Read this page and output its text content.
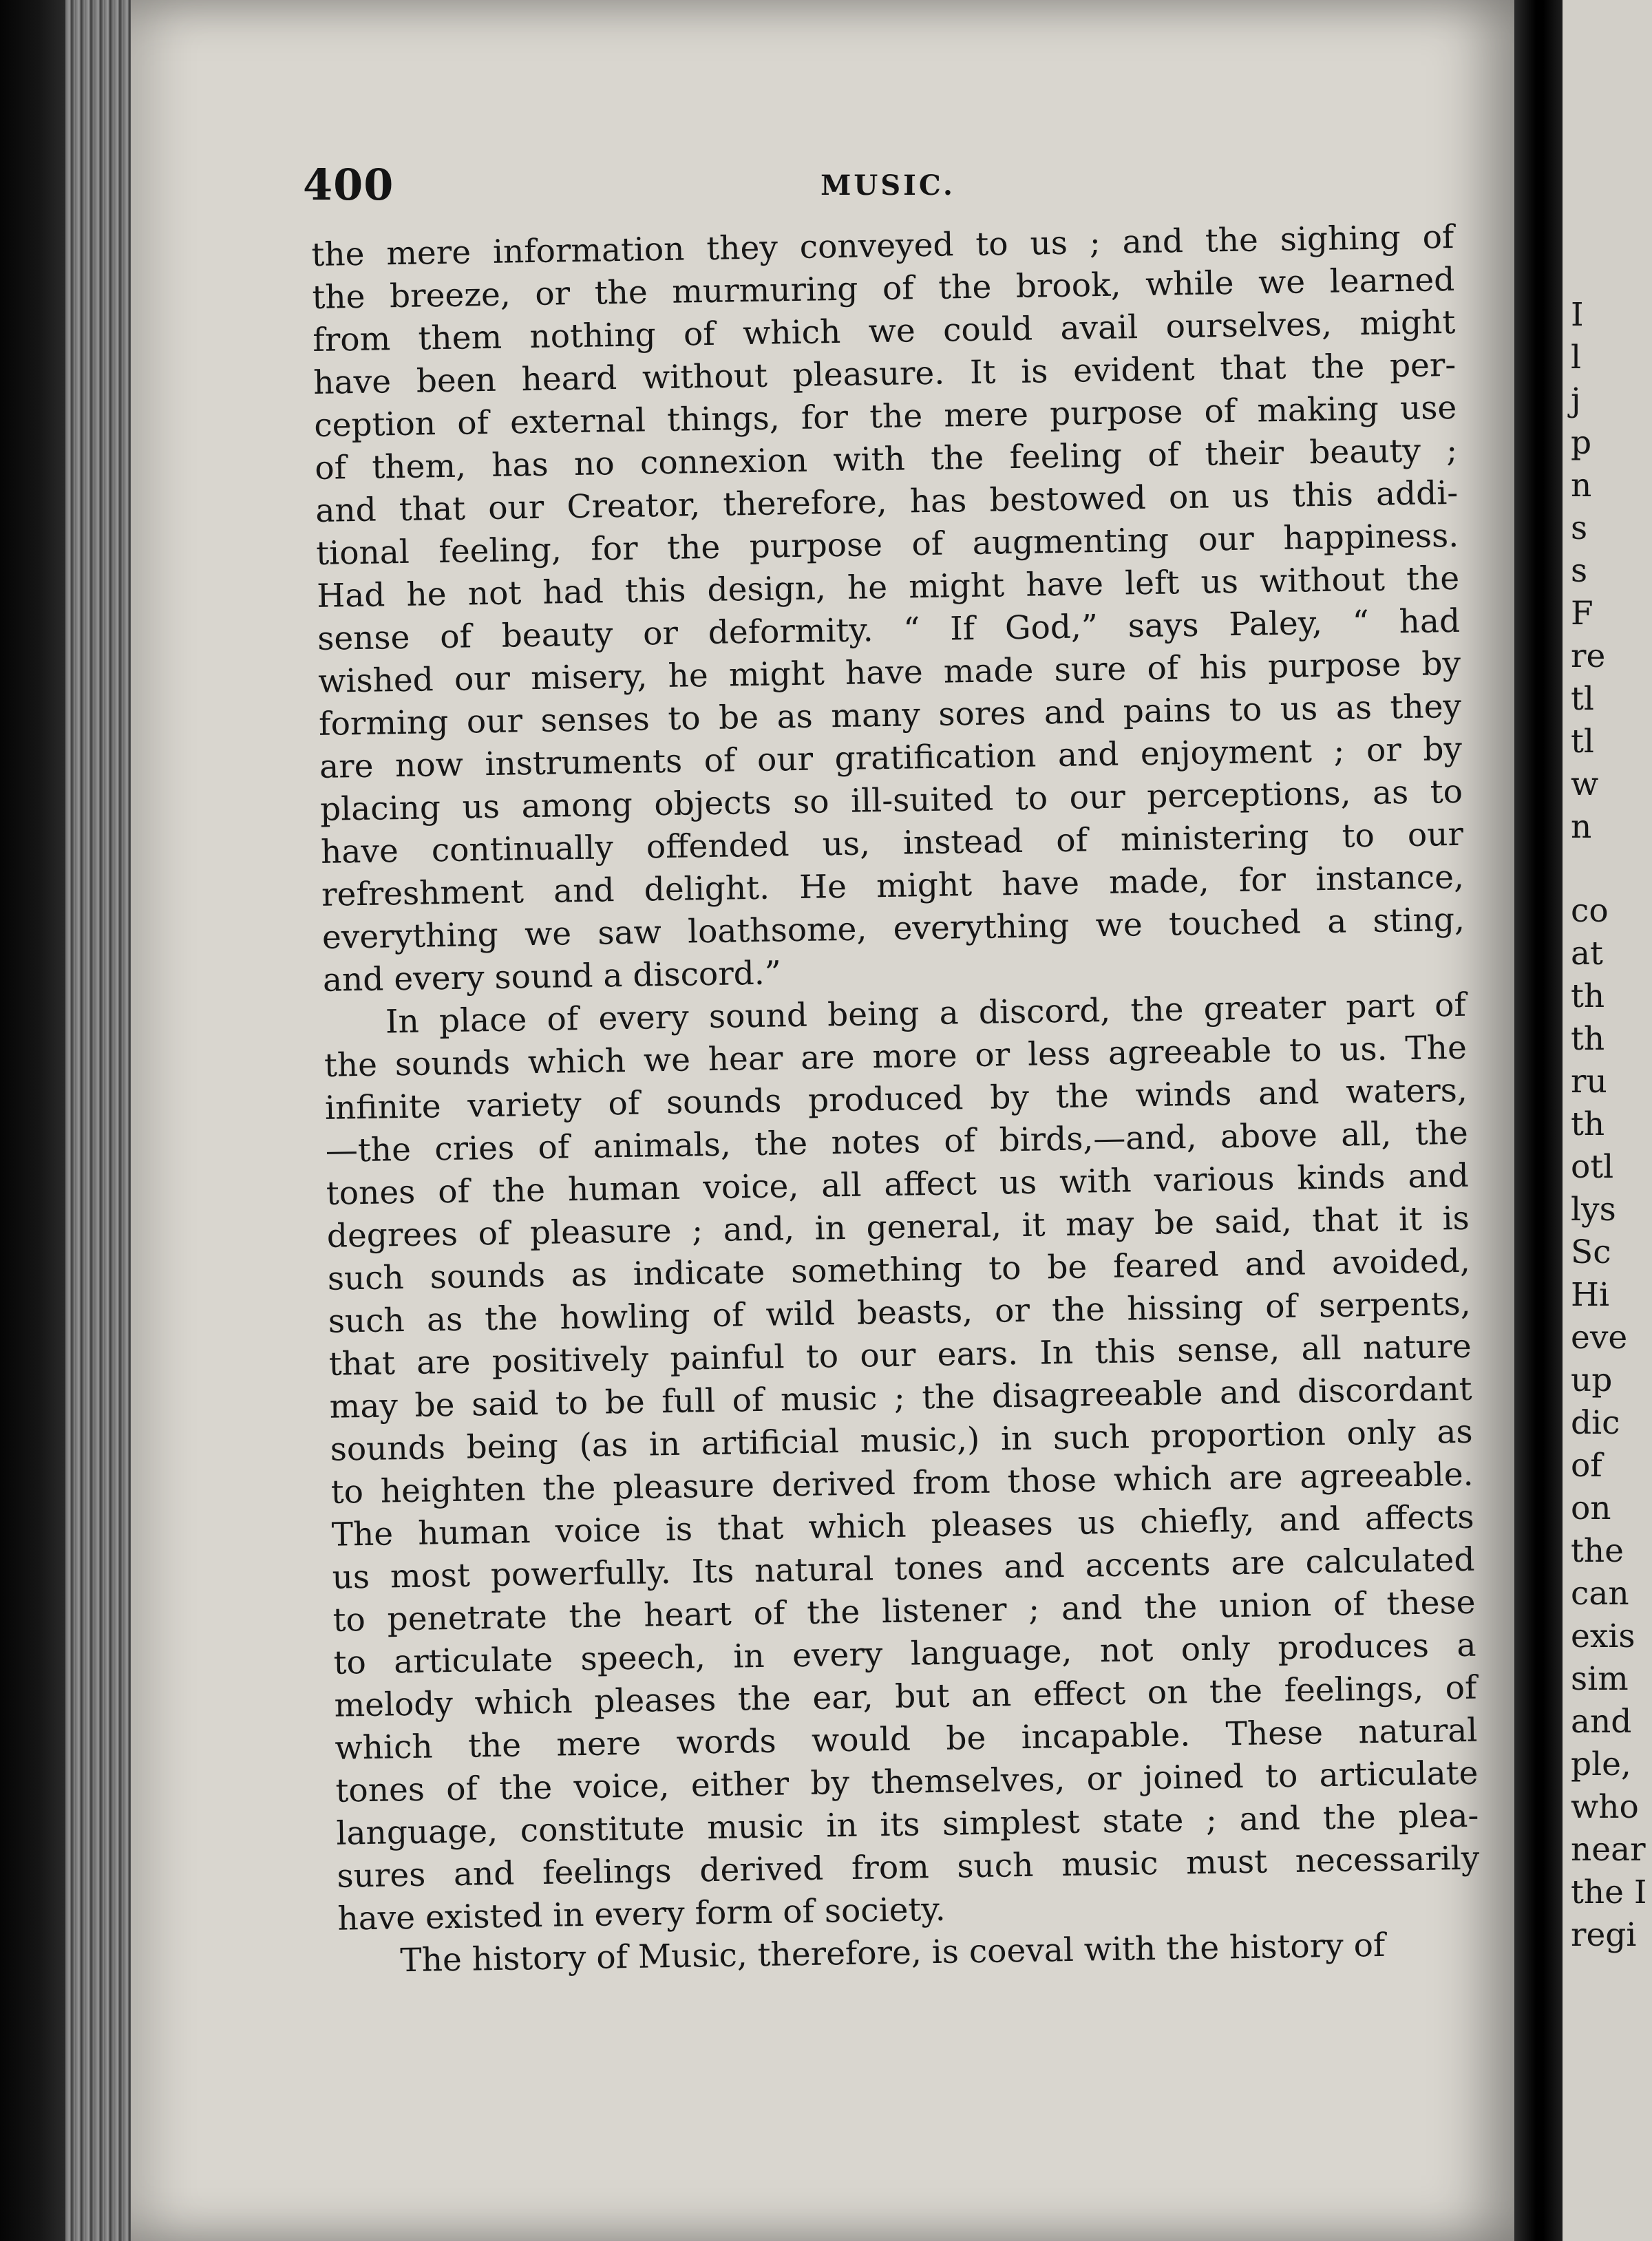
400	MUSIC.
the mere information they conveyed to us ; and the sighing of
the breeze, or the murmuring of the brook, while we learned
from them nothing of which we could avail ourselves, might
have been heard without pleasure. It is evident that the per-
ception of external things, for the mere purpose of making use
of them, has no connexion with the feeling of their beauty ;
and that our Creator, therefore, has bestowed on us this addi-
tional feeling, for the purpose of augmenting our happiness.
Had he not had this design, he might have left us without the
sense of beauty or deformity. “ If God,” says Paley, “ had
wished our misery, he might have made sure of his purpose by
forming our senses to be as many sores and pains to us as they
are now instruments of our gratification and enjoyment ; or by
placing us among objects so ill-suited to our perceptions, as to
have continually offended us, instead of ministering to our
refreshment and delight. He might have made, for instance,
everything we saw loathsome, everything we touched a sting,
and every sound a discord.”
In place of every sound being a discord, the greater part of
the sounds which we hear are more or less agreeable to us. The
infinite variety of sounds produced by the winds and waters,
—the cries of animals, the notes of birds,—and, above all, the
tones of the human voice, all affect us with various kinds and
degrees of pleasure ; and, in general, it may be said, that it is
such sounds as indicate something to be feared and avoided,
such as the howling of wild beasts, or the hissing of serpents,
that are positively painful to our ears. In this sense, all nature
may be said to be full of music ; the disagreeable and discordant
sounds being (as in artificial music,) in such proportion only as
to heighten the pleasure derived from those which are agreeable.
The human voice is that which pleases us chiefly, and affects
us most powerfully. Its natural tones and accents are calculated
to penetrate the heart of the listener ; and the union of these
to articulate speech, in every language, not only produces a
melody which pleases the ear, but an effect on the feelings, of
which the mere words would be incapable. These natural
tones of the voice, either by themselves, or joined to articulate
language, constitute music in its simplest state ; and the plea-
sures and feelings derived from such music must necessarily
have existed in every form of society.
The history of Music, therefore, is coeval with the history of
I
l
j
p
n
s
s
F
re
tl
tl
w
n
co
at
th
th
ru
th
otl
lys
Sc
Hi
eve
up
dic
of
on
the
can
exis
sim
and
ple,
who
near
the I
regi
